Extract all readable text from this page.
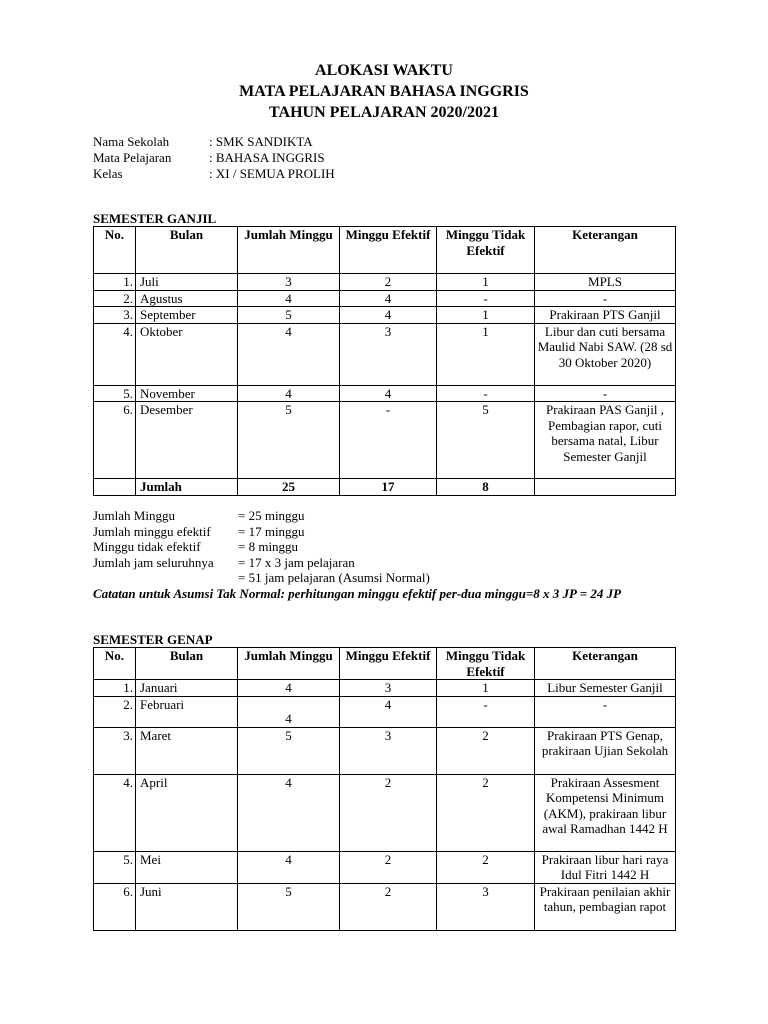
ALOKASI WAKTU
MATA PELAJARAN BAHASA INGGRIS
TAHUN PELAJARAN 2020/2021
Nama Sekolah	: SMK SANDIKTA
Mata Pelajaran	: BAHASA INGGRIS
Kelas	: XI / SEMUA PROLIH
SEMESTER GANJIL
No.	Bulan	Jumlah Minggu	Minggu Efektif	Minggu Tidak Efektif	Keterangan
1.	Juli	3	2	1	MPLS
2.	Agustus	4	4	-	-
3.	September	5	4	1	Prakiraan PTS Ganjil
4.	Oktober	4	3	1	Libur dan cuti bersama Maulid Nabi SAW. (28 sd 30 Oktober 2020)
5.	November	4	4	-	-
6.	Desember	5	-	5	Prakiraan PAS Ganjil , Pembagian rapor, cuti bersama natal, Libur Semester Ganjil
	Jumlah	25	17	8	
Jumlah Minggu	= 25 minggu
Jumlah minggu efektif = 17 minggu
Minggu tidak efektif	= 8 minggu
Jumlah jam seluruhnya = 17 x 3 jam pelajaran
= 51 jam pelajaran (Asumsi Normal)
Catatan untuk Asumsi Tak Normal: perhitungan minggu efektif per-dua minggu=8 x 3 JP = 24 JP
SEMESTER GENAP
No.	Bulan	Jumlah Minggu	Minggu Efektif	Minggu Tidak Efektif	Keterangan
1.	Januari	4	3	1	Libur Semester Ganjil
2.	Februari	4	4	-	-
3.	Maret	5	3	2	Prakiraan PTS Genap, prakiraan Ujian Sekolah
4.	April	4	2	2	Prakiraan Assesment Kompetensi Minimum (AKM), prakiraan libur awal Ramadhan 1442 H
5.	Mei	4	2	2	Prakiraan libur hari raya Idul Fitri 1442 H
6.	Juni	5	2	3	Prakiraan penilaian akhir tahun, pembagian rapot
